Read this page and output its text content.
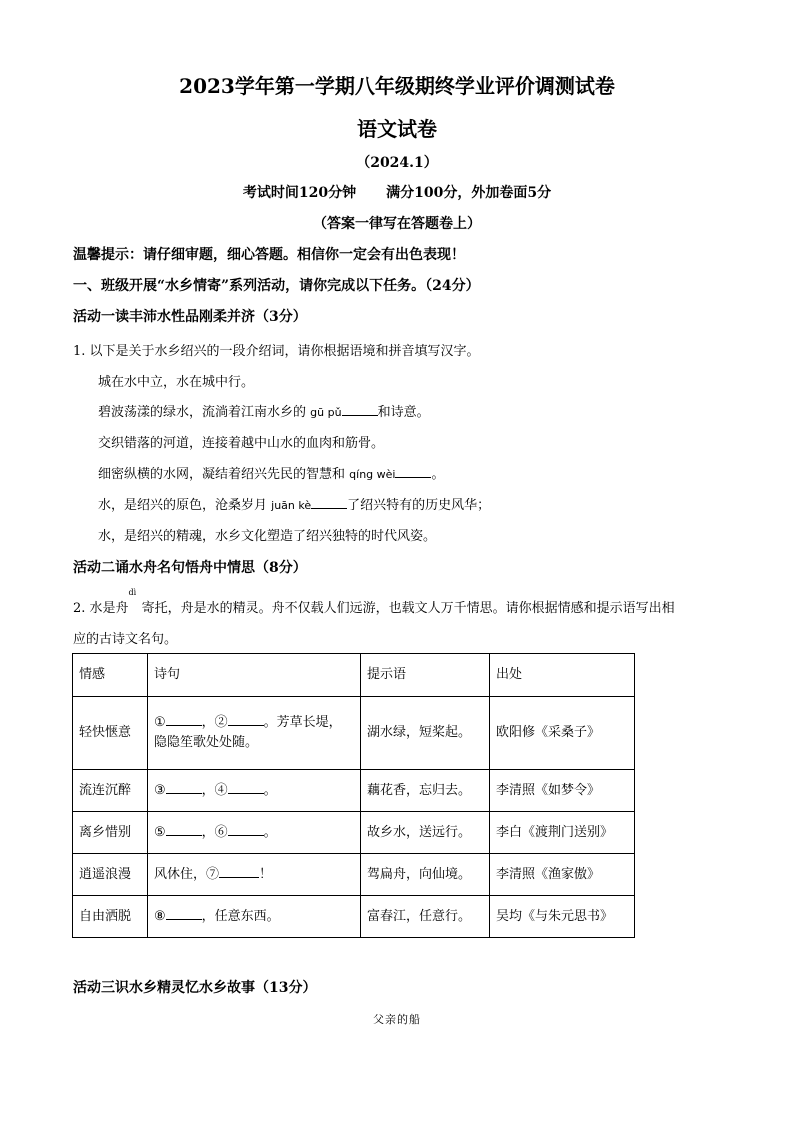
2023学年第一学期八年级期终学业评价调测试卷
语文试卷
（2024.1）
考试时间120分钟 满分100分，外加卷面5分
（答案一律写在答题卷上）
温馨提示：请仔细审题，细心答题。相信你一定会有出色表现！
一、班级开展“水乡情寄”系列活动，请你完成以下任务。（24分）
活动一读丰沛水性品刚柔并济（3分）
1. 以下是关于水乡绍兴的一段介绍词，请你根据语境和拼音填写汉字。
城在水中立，水在城中行。
碧波荡漾的绿水，流淌着江南水乡的 gū pǔ	和诗意。
交织错落的河道，连接着越中山水的血肉和筋骨。
细密纵横的水网，凝结着绍兴先民的智慧和 qíng wèi	。
水，是绍兴的原色，沧桑岁月 juān kè	了绍兴特有的历史风华；
水，是绍兴的精魂，水乡文化塑造了绍兴独特的时代风姿。
活动二诵水舟名句悟舟中情思（8分）
2. 水是舟
dì
寄托，舟是水的精灵。舟不仅载人们远游，也载文人万千情思。请你根据情感和提示语写出相
应的古诗文名句。
情感	诗句	提示语	出处
轻快惬意	① ，② 。芳草长堤，隐隐笙歌处处随。	湖水绿，短桨起。	欧阳修《采桑子》
流连沉醉	③ ，④ 。	藕花香，忘归去。	李清照《如梦令》
离乡惜别	⑤ ，⑥ 。	故乡水，送远行。	李白《渡荆门送别》
逍遥浪漫	风休住，⑦ ！	驾扁舟，向仙境。	李清照《渔家傲》
自由洒脱	⑧ ，任意东西。	富春江，任意行。	吴均《与朱元思书》
活动三识水乡精灵忆水乡故事（13分）
父亲的船
